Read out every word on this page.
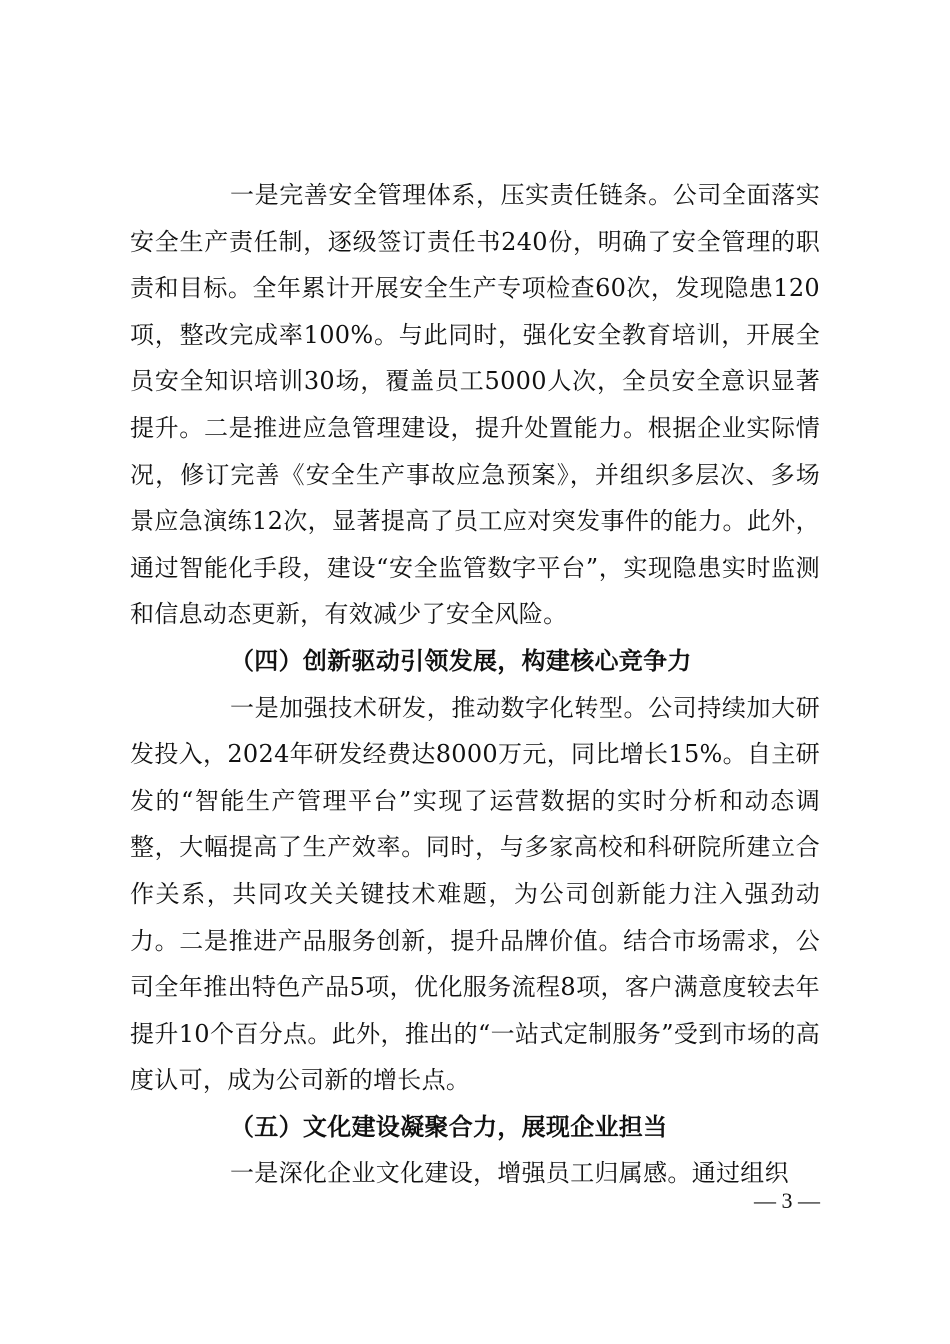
一是完善安全管理体系，压实责任链条。公司全面落实安全生产责任制，逐级签订责任书240份，明确了安全管理的职责和目标。全年累计开展安全生产专项检查60次，发现隐患120项，整改完成率100%。与此同时，强化安全教育培训，开展全员安全知识培训30场，覆盖员工5000人次，全员安全意识显著提升。二是推进应急管理建设，提升处置能力。根据企业实际情况，修订完善《安全生产事故应急预案》，并组织多层次、多场景应急演练12次，显著提高了员工应对突发事件的能力。此外，通过智能化手段，建设“安全监管数字平台”，实现隐患实时监测和信息动态更新，有效减少了安全风险。

（四）创新驱动引领发展，构建核心竞争力

一是加强技术研发，推动数字化转型。公司持续加大研发投入，2024年研发经费达8000万元，同比增长15%。自主研发的“智能生产管理平台”实现了运营数据的实时分析和动态调整，大幅提高了生产效率。同时，与多家高校和科研院所建立合作关系，共同攻关关键技术难题，为公司创新能力注入强劲动力。二是推进产品服务创新，提升品牌价值。结合市场需求，公司全年推出特色产品5项，优化服务流程8项，客户满意度较去年提升10个百分点。此外，推出的“一站式定制服务”受到市场的高度认可，成为公司新的增长点。

（五）文化建设凝聚合力，展现企业担当

一是深化企业文化建设，增强员工归属感。通过组织

— 3 —
